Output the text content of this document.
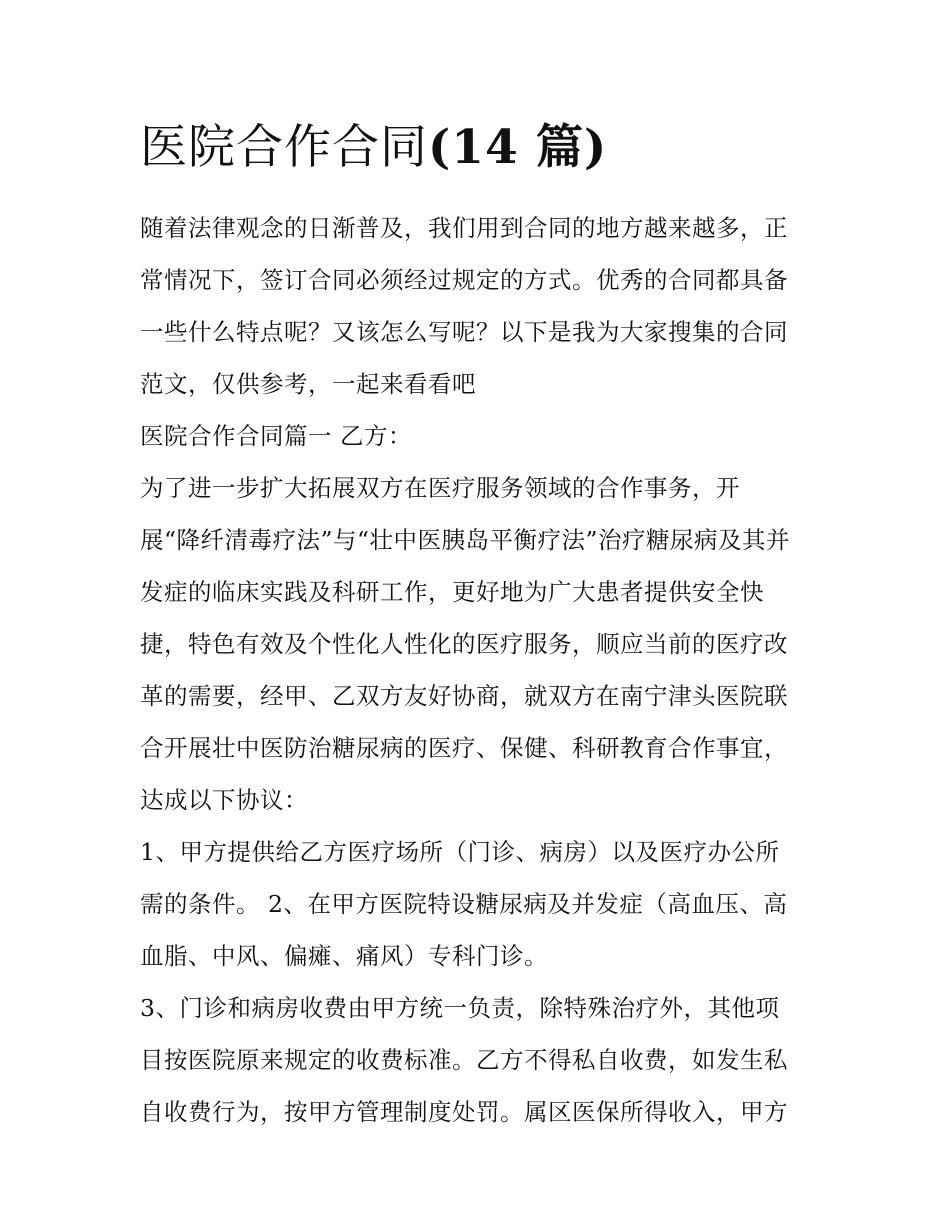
医院合作合同(14 篇)
随着法律观念的日渐普及，我们用到合同的地方越来越多，正
常情况下，签订合同必须经过规定的方式。优秀的合同都具备
一些什么特点呢？又该怎么写呢？以下是我为大家搜集的合同
范文，仅供参考，一起来看看吧
医院合作合同篇一 乙方：
为了进一步扩大拓展双方在医疗服务领域的合作事务，开
展“降纤清毒疗法”与“壮中医胰岛平衡疗法”治疗糖尿病及其并
发症的临床实践及科研工作，更好地为广大患者提供安全快
捷，特色有效及个性化人性化的医疗服务，顺应当前的医疗改
革的需要，经甲、乙双方友好协商，就双方在南宁津头医院联
合开展壮中医防治糖尿病的医疗、保健、科研教育合作事宜，
达成以下协议：
1、甲方提供给乙方医疗场所（门诊、病房）以及医疗办公所
需的条件。 2、在甲方医院特设糖尿病及并发症（高血压、高
血脂、中风、偏瘫、痛风）专科门诊。
3、门诊和病房收费由甲方统一负责，除特殊治疗外，其他项
目按医院原来规定的收费标准。乙方不得私自收费，如发生私
自收费行为，按甲方管理制度处罚。属区医保所得收入，甲方
